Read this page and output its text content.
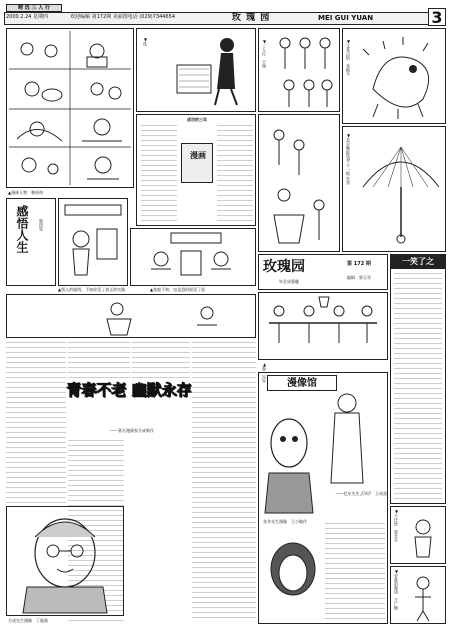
精 选 三 人 行
2000.2.24 星期四	欢迎编稿 第172期 美丽图电话 (029)7344654	玫 瑰 园	MEI GUI YUAN	3
▼选	▼三人行　王瑞	▼文希点给　张根令
▼北京晚报选登 不一般 宏良
成功的三年
漫画
▲漫画人物　韩原伟
感悟人生	韩国宪
▲别人的聪明，不如你见了真正的实践	▲家庭不和，包是怨时面见了面
玫瑰园	第 172 期
编辑　郭玉军
毕艺成强题
一笑了之
▲鲁　冯军
青春不老 幽默永存
——著名漫画家方成新作
方成先生漫像　丁聪画
漫像馆
——忆东先生,否吗?　王成喜
张冬先生漫像　王小敏作	▼不迁纱　郭长生
▼冒昧的邀请　王广健
